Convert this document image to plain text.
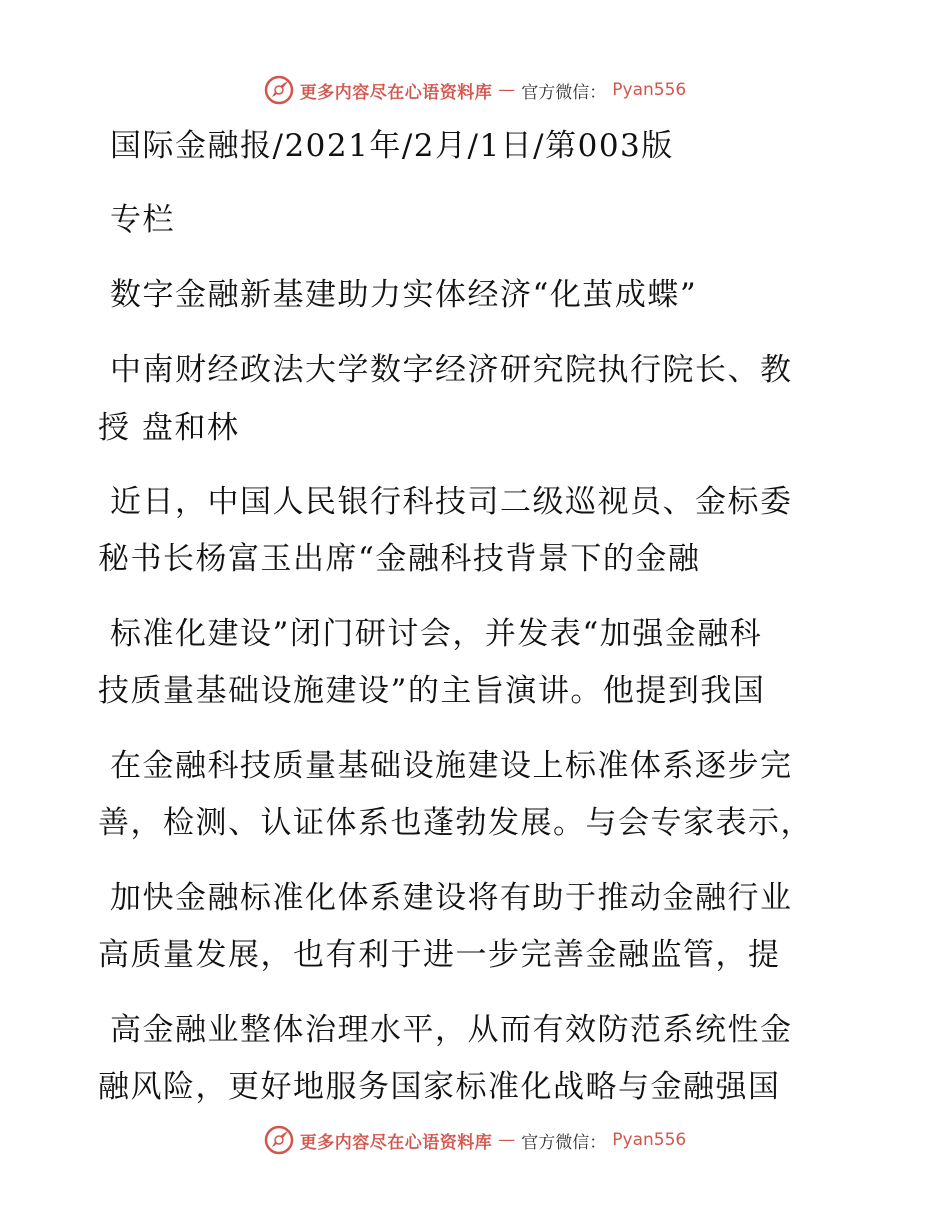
更多内容尽在心语资料库 — 官方微信： Pyan556
国际金融报/2021年/2月/1日/第003版
专栏
数字金融新基建助力实体经济“化茧成蝶”
中南财经政法大学数字经济研究院执行院长、教
授 盘和林
近日，中国人民银行科技司二级巡视员、金标委
秘书长杨富玉出席“金融科技背景下的金融
标准化建设”闭门研讨会，并发表“加强金融科
技质量基础设施建设”的主旨演讲。他提到我国
在金融科技质量基础设施建设上标准体系逐步完
善，检测、认证体系也蓬勃发展。与会专家表示，
加快金融标准化体系建设将有助于推动金融行业
高质量发展，也有利于进一步完善金融监管，提
高金融业整体治理水平，从而有效防范系统性金
融风险，更好地服务国家标准化战略与金融强国
更多内容尽在心语资料库 — 官方微信： Pyan556
